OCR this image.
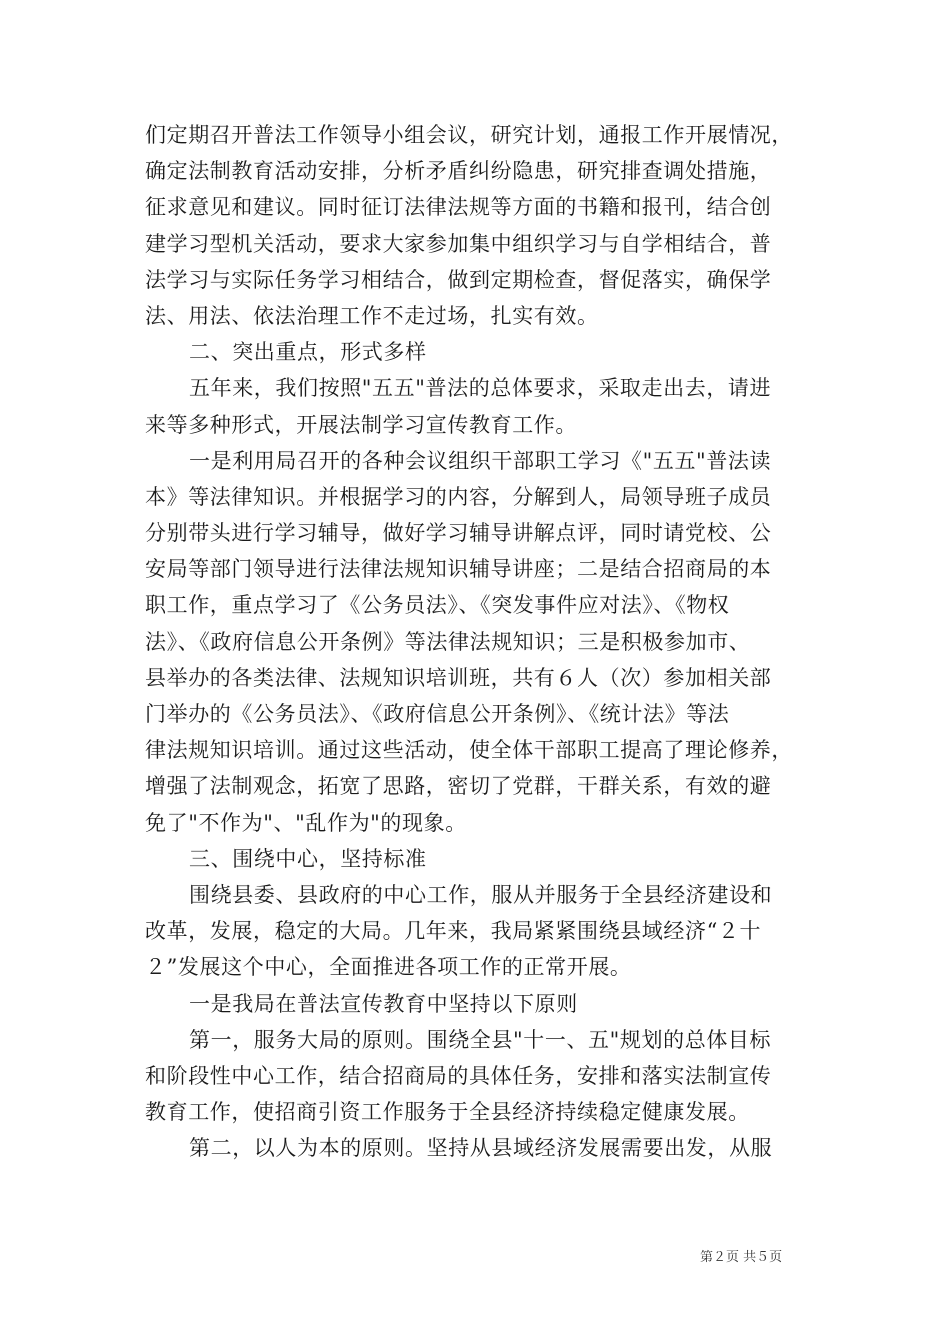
们定期召开普法工作领导小组会议，研究计划，通报工作开展情况，
确定法制教育活动安排，分析矛盾纠纷隐患，研究排查调处措施，
征求意见和建议。同时征订法律法规等方面的书籍和报刊，结合创
建学习型机关活动，要求大家参加集中组织学习与自学相结合，普
法学习与实际任务学习相结合，做到定期检查，督促落实，确保学
法、用法、依法治理工作不走过场，扎实有效。
二、突出重点，形式多样
五年来，我们按照"五五"普法的总体要求，采取走出去，请进
来等多种形式，开展法制学习宣传教育工作。
一是利用局召开的各种会议组织干部职工学习《"五五"普法读
本》等法律知识。并根据学习的内容，分解到人，局领导班子成员
分别带头进行学习辅导，做好学习辅导讲解点评，同时请党校、公
安局等部门领导进行法律法规知识辅导讲座；二是结合招商局的本
职工作，重点学习了《公务员法》、《突发事件应对法》、《物权
法》、《政府信息公开条例》等法律法规知识；三是积极参加市、
县举办的各类法律、法规知识培训班，共有６人（次）参加相关部
门举办的《公务员法》、《政府信息公开条例》、《统计法》等法
律法规知识培训。通过这些活动，使全体干部职工提高了理论修养，
增强了法制观念，拓宽了思路，密切了党群，干群关系，有效的避
免了"不作为"、"乱作为"的现象。
三、围绕中心，坚持标准
围绕县委、县政府的中心工作，服从并服务于全县经济建设和
改革，发展，稳定的大局。几年来，我局紧紧围绕县域经济“２十
２”发展这个中心，全面推进各项工作的正常开展。
一是我局在普法宣传教育中坚持以下原则
第一，服务大局的原则。围绕全县"十一、五"规划的总体目标
和阶段性中心工作，结合招商局的具体任务，安排和落实法制宣传
教育工作，使招商引资工作服务于全县经济持续稳定健康发展。
第二，以人为本的原则。坚持从县域经济发展需要出发，从服
第２页 共５页
